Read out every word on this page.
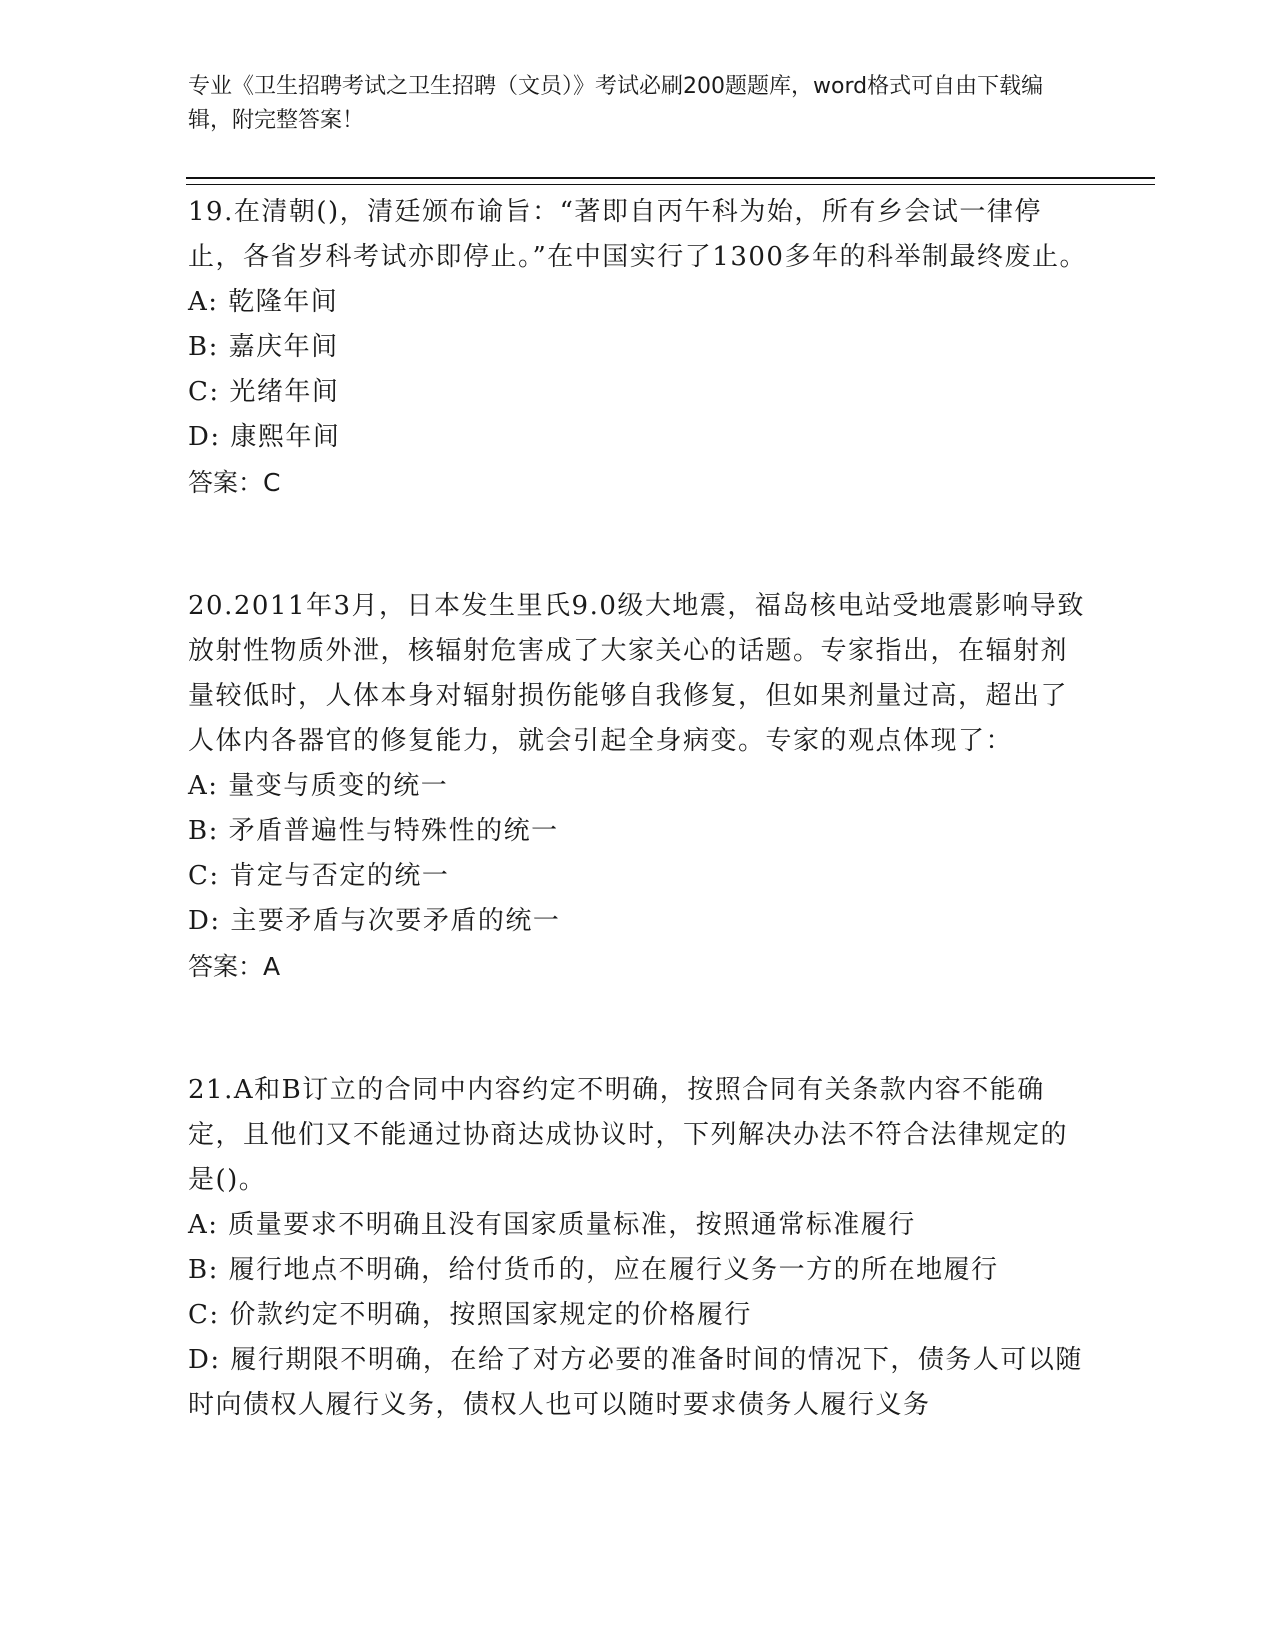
专业《卫生招聘考试之卫生招聘（文员）》考试必刷200题题库，word格式可自由下载编辑，附完整答案！
19.在清朝()，清廷颁布谕旨：“著即自丙午科为始，所有乡会试一律停止，各省岁科考试亦即停止。”在中国实行了1300多年的科举制最终废止。
A: 乾隆年间
B: 嘉庆年间
C: 光绪年间
D: 康熙年间
答案：C
20.2011年3月，日本发生里氏9.0级大地震，福岛核电站受地震影响导致放射性物质外泄，核辐射危害成了大家关心的话题。专家指出，在辐射剂量较低时，人体本身对辐射损伤能够自我修复，但如果剂量过高，超出了人体内各器官的修复能力，就会引起全身病变。专家的观点体现了：
A: 量变与质变的统一
B: 矛盾普遍性与特殊性的统一
C: 肯定与否定的统一
D: 主要矛盾与次要矛盾的统一
答案：A
21.A和B订立的合同中内容约定不明确，按照合同有关条款内容不能确定，且他们又不能通过协商达成协议时，下列解决办法不符合法律规定的是()。
A: 质量要求不明确且没有国家质量标准，按照通常标准履行
B: 履行地点不明确，给付货币的，应在履行义务一方的所在地履行
C: 价款约定不明确，按照国家规定的价格履行
D: 履行期限不明确，在给了对方必要的准备时间的情况下，债务人可以随时向债权人履行义务，债权人也可以随时要求债务人履行义务
